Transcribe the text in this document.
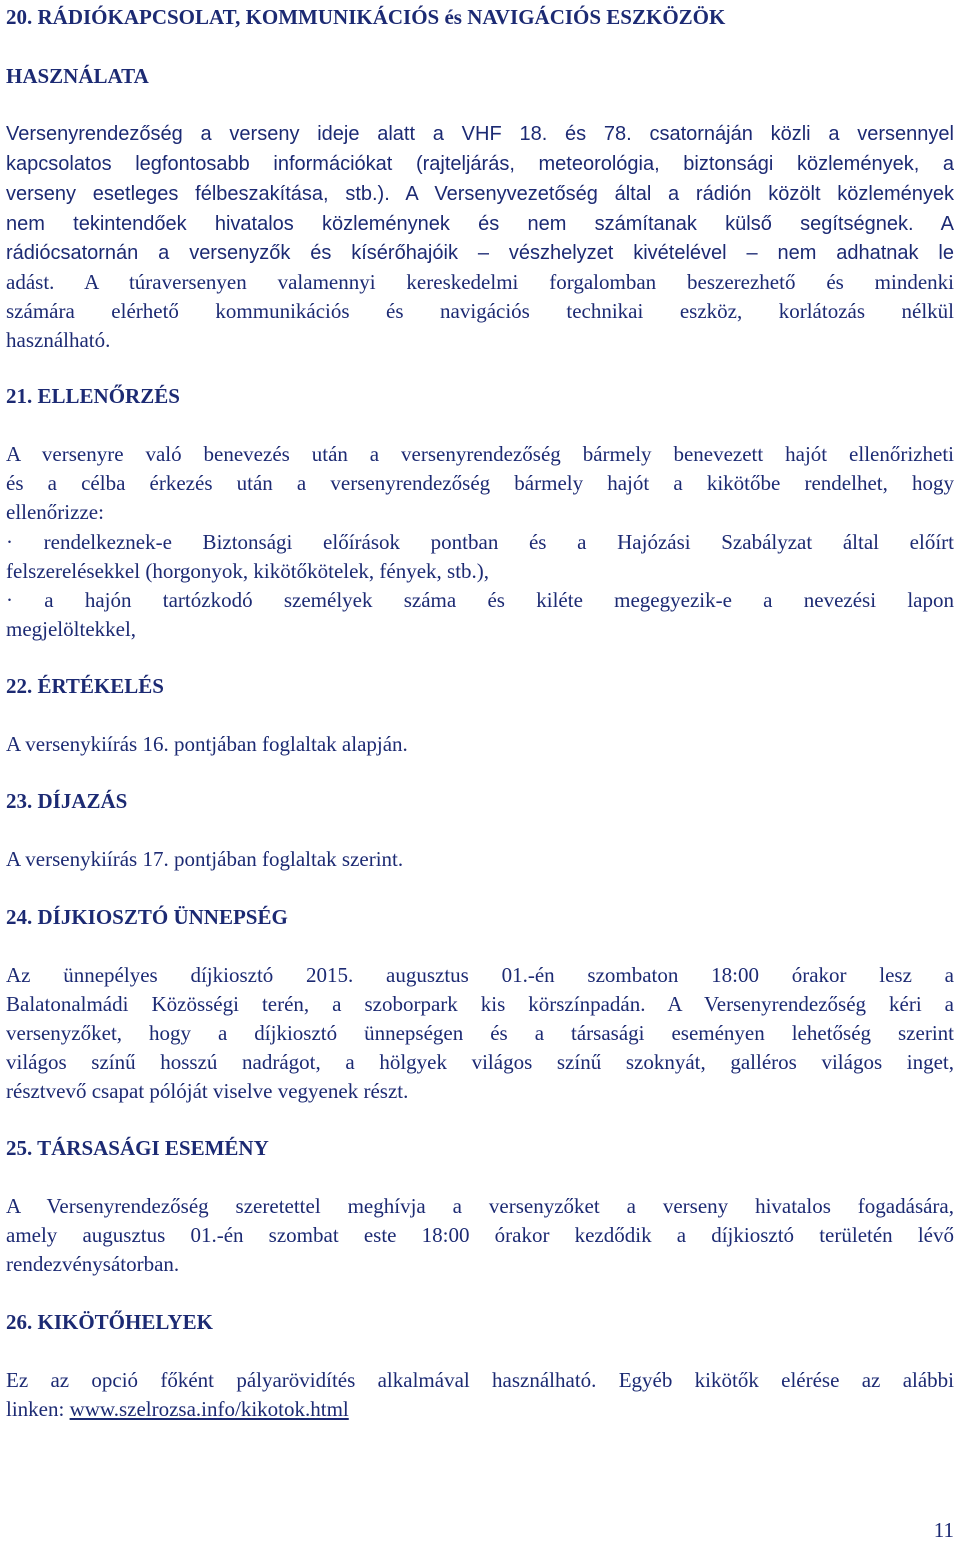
20. RÁDIÓKAPCSOLAT, KOMMUNIKÁCIÓS és NAVIGÁCIÓS ESZKÖZÖK
HASZNÁLATA
Versenyrendezőség a verseny ideje alatt a VHF 18. és 78. csatornáján közli a versennyel
kapcsolatos legfontosabb információkat (rajteljárás, meteorológia, biztonsági közlemények, a
verseny esetleges félbeszakítása, stb.). A Versenyvezetőség által a rádión közölt közlemények
nem tekintendőek hivatalos közleménynek és nem számítanak külső segítségnek. A
rádiócsatornán a versenyzők és kísérőhajóik – vészhelyzet kivételével – nem adhatnak le
adást. A túraversenyen valamennyi kereskedelmi forgalomban beszerezhető és mindenki
számára elérhető kommunikációs és navigációs technikai eszköz, korlátozás nélkül
használható.
21. ELLENŐRZÉS
A versenyre való benevezés után a versenyrendezőség bármely benevezett hajót ellenőrizheti
és a célba érkezés után a versenyrendezőség bármely hajót a kikötőbe rendelhet, hogy
ellenőrizze:
· rendelkeznek-e Biztonsági előírások pontban és a Hajózási Szabályzat által előírt
felszerelésekkel (horgonyok, kikötőkötelek, fények, stb.),
· a hajón tartózkodó személyek száma és kiléte megegyezik-e a nevezési lapon
megjelöltekkel,
22. ÉRTÉKELÉS
A versenykiírás 16. pontjában foglaltak alapján.
23. DÍJAZÁS
A versenykiírás 17. pontjában foglaltak szerint.
24. DÍJKIOSZTÓ ÜNNEPSÉG
Az ünnepélyes díjkiosztó 2015. augusztus 01.-én szombaton 18:00 órakor lesz a
Balatonalmádi Közösségi terén, a szoborpark kis körszínpadán. A Versenyrendezőség kéri a
versenyzőket, hogy a díjkiosztó ünnepségen és a társasági eseményen lehetőség szerint
világos színű hosszú nadrágot, a hölgyek világos színű szoknyát, galléros világos inget,
résztvevő csapat pólóját viselve vegyenek részt.
25. TÁRSASÁGI ESEMÉNY
A Versenyrendezőség szeretettel meghívja a versenyzőket a verseny hivatalos fogadására,
amely augusztus 01.-én szombat este 18:00 órakor kezdődik a díjkiosztó területén lévő
rendezvénysátorban.
26. KIKÖTŐHELYEK
Ez az opció főként pályarövidítés alkalmával használható. Egyéb kikötők elérése az alábbi
linken: www.szelrozsa.info/kikotok.html
11
